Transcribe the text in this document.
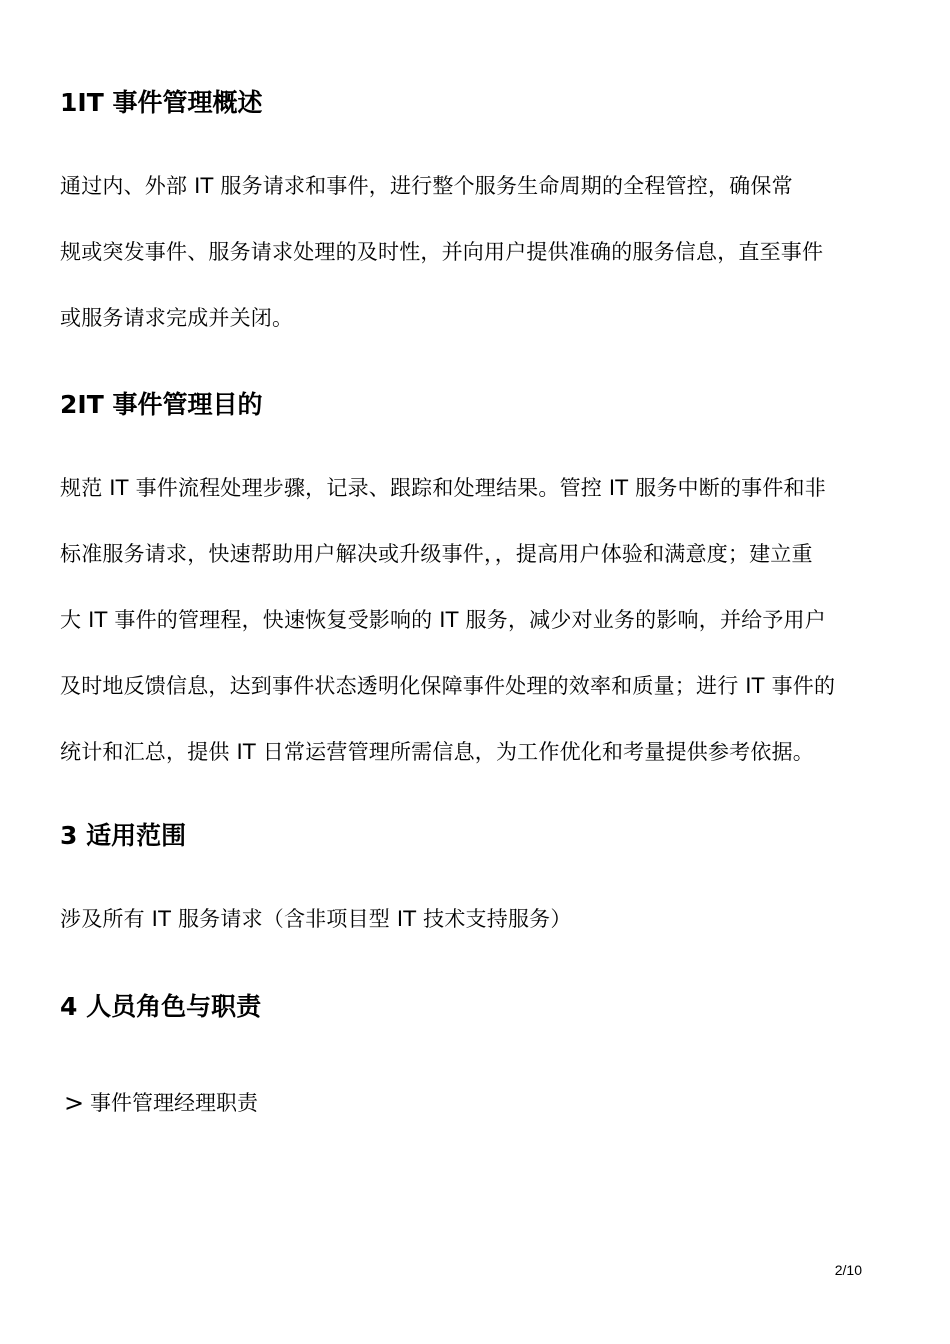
1IT 事件管理概述
通过内、外部 IT 服务请求和事件，进行整个服务生命周期的全程管控，确保常
规或突发事件、服务请求处理的及时性，并向用户提供准确的服务信息，直至事件
或服务请求完成并关闭。
2IT 事件管理目的
规范 IT 事件流程处理步骤，记录、跟踪和处理结果。管控 IT 服务中断的事件和非
标准服务请求，快速帮助用户解决或升级事件，，提高用户体验和满意度；建立重
大 IT 事件的管理程，快速恢复受影响的 IT 服务，减少对业务的影响，并给予用户
及时地反馈信息，达到事件状态透明化保障事件处理的效率和质量；进行 IT 事件的
统计和汇总，提供 IT 日常运营管理所需信息，为工作优化和考量提供参考依据。
3 适用范围
涉及所有 IT 服务请求（含非项目型 IT 技术支持服务）
4 人员角色与职责
> 事件管理经理职责
2/10
